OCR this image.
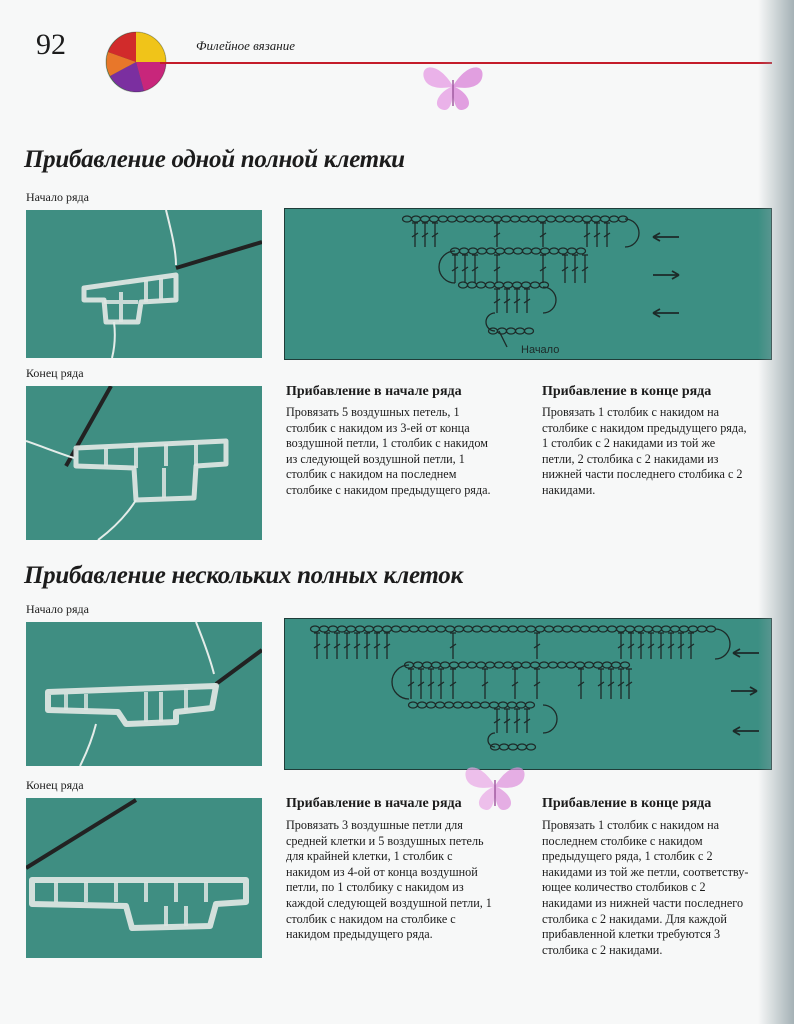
92	Филейное вязание
Прибавление одной полной клетки
Начало ряда
Конец ряда
Начало
Прибавление в начале ряда
Провязать 5 воздушных петель, 1
столбик с накидом из 3-ей от конца
воздушной петли, 1 столбик с накидом
из следующей воздушной петли, 1
столбик с накидом на последнем
столбике с накидом предыдущего ряда.
Прибавление в конце ряда
Провязать 1 столбик с накидом на
столбике с накидом предыдущего ряда,
1 столбик с 2 накидами из той же
петли, 2 столбика с 2 накидами из
нижней части последнего столбика с 2
накидами.
Прибавление нескольких полных клеток
Начало ряда
Конец ряда
Прибавление в начале ряда
Провязать 3 воздушные петли для
средней клетки и 5 воздушных петель
для крайней клетки, 1 столбик с
накидом из 4-ой от конца воздушной
петли, по 1 столбику с накидом из
каждой следующей воздушной петли, 1
столбик с накидом на столбике с
накидом предыдущего ряда.
Прибавление в конце ряда
Провязать 1 столбик с накидом на
последнем столбике с накидом
предыдущего ряда, 1 столбик с 2
накидами из той же петли, соответству-
ющее количество столбиков с 2
накидами из нижней части последнего
столбика с 2 накидами. Для каждой
прибавленной клетки требуются 3
столбика с 2 накидами.
